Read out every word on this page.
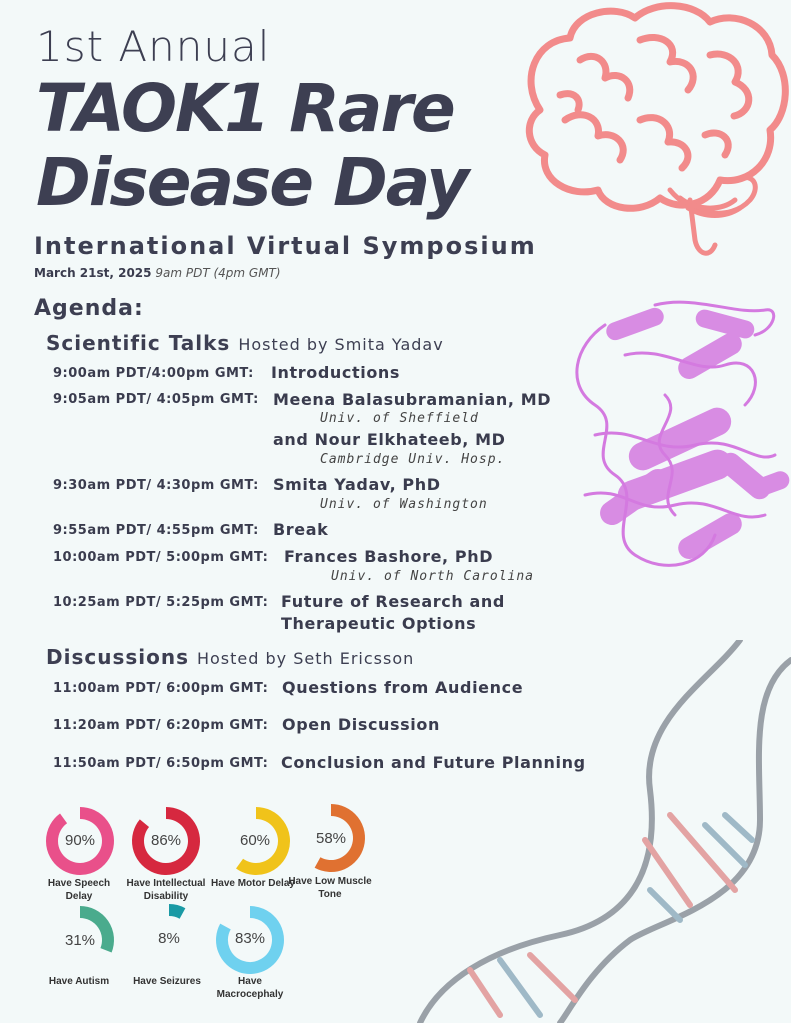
1st Annual
TAOK1 Rare
Disease Day
International Virtual Symposium
March 21st, 2025 9am PDT (4pm GMT)
Agenda:
Scientific Talks Hosted by Smita Yadav
9:00am PDT/4:00pm GMT: Introductions
9:05am PDT/ 4:05pm GMT: Meena Balasubramanian, MD
Univ. of Sheffield
and Nour Elkhateeb, MD
Cambridge Univ. Hosp.
9:30am PDT/ 4:30pm GMT: Smita Yadav, PhD
Univ. of Washington
9:55am PDT/ 4:55pm GMT: Break
10:00am PDT/ 5:00pm GMT: Frances Bashore, PhD
Univ. of North Carolina
10:25am PDT/ 5:25pm GMT: Future of Research and
Therapeutic Options
Discussions Hosted by Seth Ericsson
11:00am PDT/ 6:00pm GMT: Questions from Audience
11:20am PDT/ 6:20pm GMT: Open Discussion
11:50am PDT/ 6:50pm GMT: Conclusion and Future Planning
90%
Have Speech Delay
86%
Have Intellectual Disability
60%
Have Motor Delay
58%
Have Low Muscle Tone
31%
Have Autism
8%
Have Seizures
83%
Have Macrocephaly
